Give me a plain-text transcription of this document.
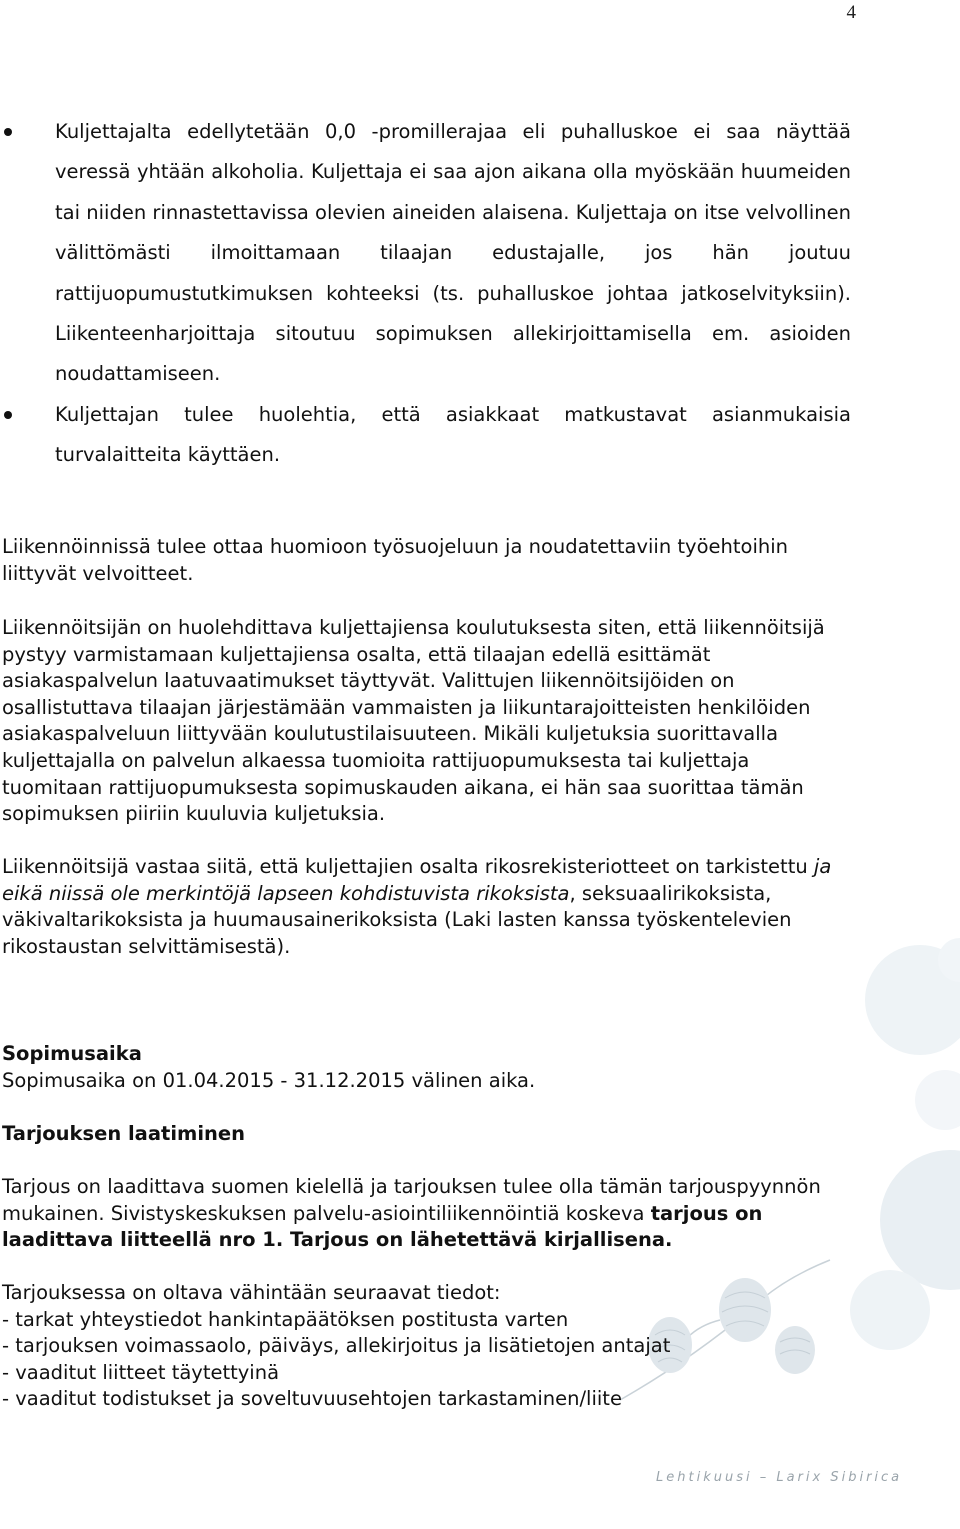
4
Kuljettajalta edellytetään 0,0 -promillerajaa eli puhalluskoe ei saa näyttää veressä yhtään alkoholia. Kuljettaja ei saa ajon aikana olla myöskään huumeiden tai niiden rinnastettavissa olevien aineiden alaisena. Kuljettaja on itse velvollinen välittömästi ilmoittamaan tilaajan edustajalle, jos hän joutuu rattijuopumustutkimuksen kohteeksi (ts. puhalluskoe johtaa jatkoselvityksiin). Liikenteenharjoittaja sitoutuu sopimuksen allekirjoittamisella em. asioiden noudattamiseen.
Kuljettajan tulee huolehtia, että asiakkaat matkustavat asianmukaisia turvalaitteita käyttäen.

Liikennöinnissä tulee ottaa huomioon työsuojeluun ja noudatettaviin työehtoihin liittyvät velvoitteet.

Liikennöitsijän on huolehdittava kuljettajiensa koulutuksesta siten, että liikennöitsijä pystyy varmistamaan kuljettajiensa osalta, että tilaajan edellä esittämät asiakaspalvelun laatuvaatimukset täyttyvät. Valittujen liikennöitsijöiden on osallistuttava tilaajan järjestämään vammaisten ja liikuntarajoitteisten henkilöiden asiakaspalveluun liittyvään koulutustilaisuuteen. Mikäli kuljetuksia suorittavalla kuljettajalla on palvelun alkaessa tuomioita rattijuopumuksesta tai kuljettaja tuomitaan rattijuopumuksesta sopimuskauden aikana, ei hän saa suorittaa tämän sopimuksen piiriin kuuluvia kuljetuksia.

Liikennöitsijä vastaa siitä, että kuljettajien osalta rikosrekisteriotteet on tarkistettu ja eikä niissä ole merkintöjä lapseen kohdistuvista rikoksista, seksuaalirikoksista, väkivaltarikoksista ja huumausainerikoksista (Laki lasten kanssa työskentelevien rikostaustan selvittämisestä).

Sopimusaika

Sopimusaika on 01.04.2015 - 31.12.2015 välinen aika.

Tarjouksen laatiminen

Tarjous on laadittava suomen kielellä ja tarjouksen tulee olla tämän tarjouspyynnön mukainen. Sivistyskeskuksen palvelu-asiointiliikennöintiä koskeva tarjous on laadittava liitteellä nro 1. Tarjous on lähetettävä kirjallisena.

Tarjouksessa on oltava vähintään seuraavat tiedot:
- tarkat yhteystiedot hankintapäätöksen postitusta varten
- tarjouksen voimassaolo, päiväys, allekirjoitus ja lisätietojen antajat
- vaaditut liitteet täytettyinä
- vaaditut todistukset ja soveltuvuusehtojen tarkastaminen/liite
Lehtikuusi – Larix Sibirica
